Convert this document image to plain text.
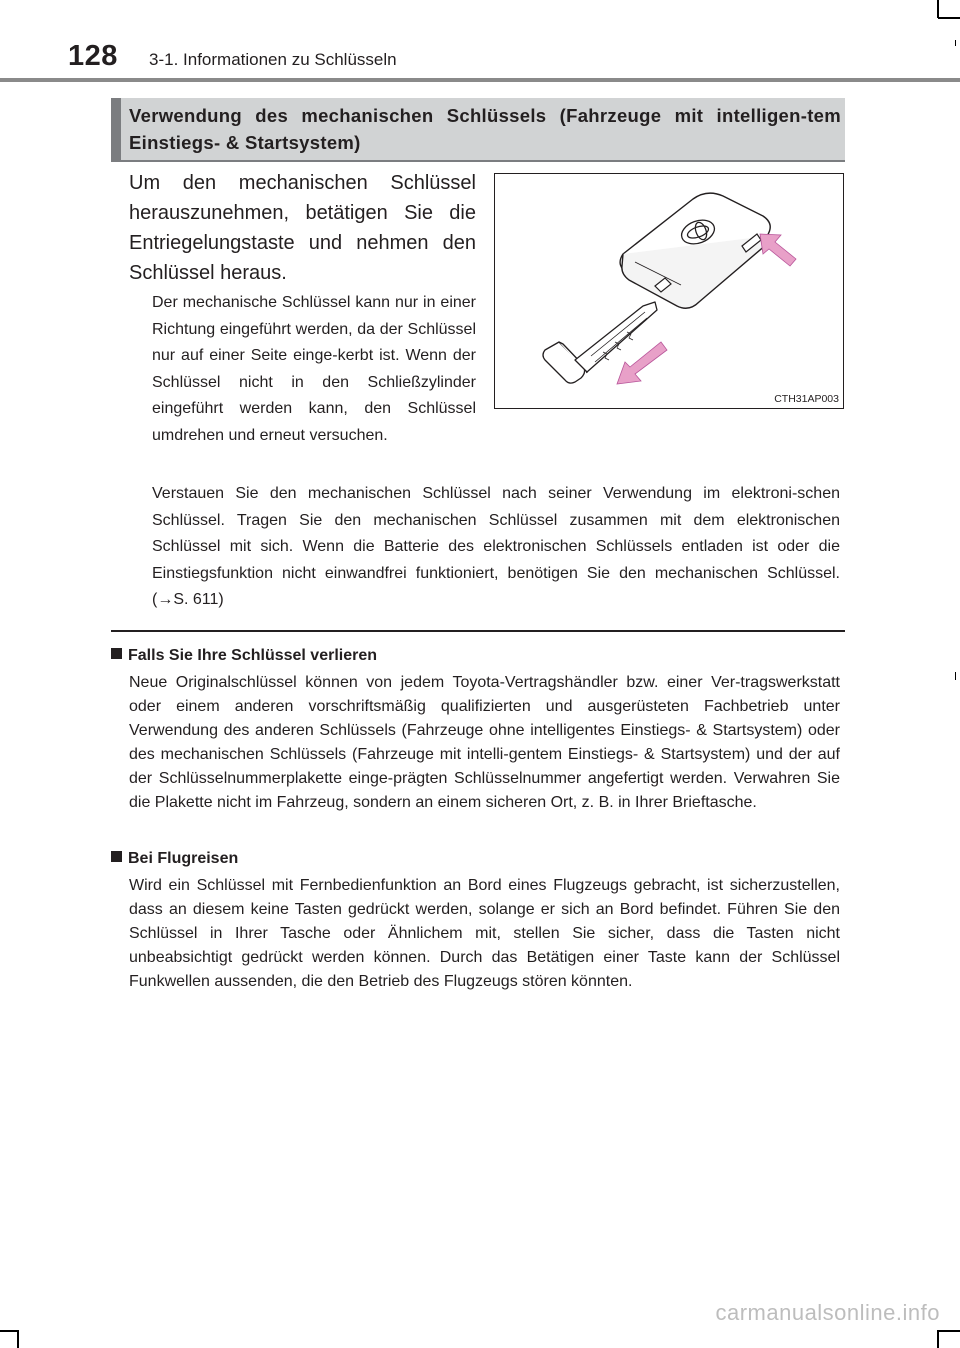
128 3-1. Informationen zu Schlüsseln
Verwendung des mechanischen Schlüssels (Fahrzeuge mit intelligen-tem Einstiegs- & Startsystem)
Um den mechanischen Schlüssel herauszunehmen, betätigen Sie die Entriegelungstaste und nehmen den Schlüssel heraus.
Der mechanische Schlüssel kann nur in einer Richtung eingeführt werden, da der Schlüssel nur auf einer Seite einge-kerbt ist. Wenn der Schlüssel nicht in den Schließzylinder eingeführt werden kann, den Schlüssel umdrehen und erneut versuchen.
Verstauen Sie den mechanischen Schlüssel nach seiner Verwendung im elektroni-schen Schlüssel. Tragen Sie den mechanischen Schlüssel zusammen mit dem elektronischen Schlüssel mit sich. Wenn die Batterie des elektronischen Schlüssels entladen ist oder die Einstiegsfunktion nicht einwandfrei funktioniert, benötigen Sie den mechanischen Schlüssel. (→S. 611)
CTH31AP003
Falls Sie Ihre Schlüssel verlieren
Neue Originalschlüssel können von jedem Toyota-Vertragshändler bzw. einer Ver-tragswerkstatt oder einem anderen vorschriftsmäßig qualifizierten und ausgerüsteten Fachbetrieb unter Verwendung des anderen Schlüssels (Fahrzeuge ohne intelligentes Einstiegs- & Startsystem) oder des mechanischen Schlüssels (Fahrzeuge mit intelli-gentem Einstiegs- & Startsystem) und der auf der Schlüsselnummerplakette einge-prägten Schlüsselnummer angefertigt werden. Verwahren Sie die Plakette nicht im Fahrzeug, sondern an einem sicheren Ort, z. B. in Ihrer Brieftasche.
Bei Flugreisen
Wird ein Schlüssel mit Fernbedienfunktion an Bord eines Flugzeugs gebracht, ist sicherzustellen, dass an diesem keine Tasten gedrückt werden, solange er sich an Bord befindet. Führen Sie den Schlüssel in Ihrer Tasche oder Ähnlichem mit, stellen Sie sicher, dass die Tasten nicht unbeabsichtigt gedrückt werden können. Durch das Betätigen einer Taste kann der Schlüssel Funkwellen aussenden, die den Betrieb des Flugzeugs stören könnten.
carmanualsonline.info
